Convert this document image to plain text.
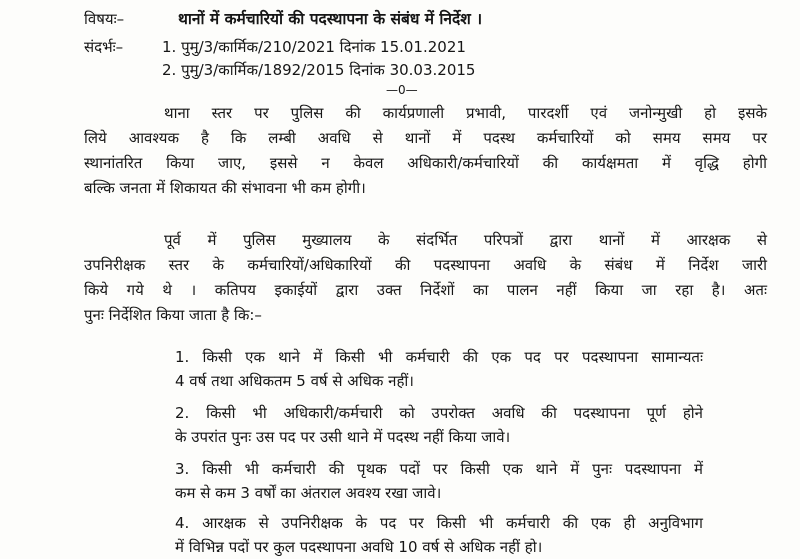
विषयः–	थानों में कर्मचारियों की पदस्थापना के संबंध में निर्देश ।
संदर्भः–	1. पुमु/3/कार्मिक/210/2021 दिनांक 15.01.2021
2. पुमु/3/कार्मिक/1892/2015 दिनांक 30.03.2015
—0—
थाना स्तर पर पुलिस की कार्यप्रणाली प्रभावी, पारदर्शी एवं जनोन्मुखी हो इसके
लिये आवश्यक है कि लम्बी अवधि से थानों में पदस्थ कर्मचारियों को समय समय पर
स्थानांतरित किया जाए, इससे न केवल अधिकारी/कर्मचारियों की कार्यक्षमता में वृद्धि होगी
बल्कि जनता में शिकायत की संभावना भी कम होगी।
पूर्व में पुलिस मुख्यालय के संदर्भित परिपत्रों द्वारा थानों में आरक्षक से
उपनिरीक्षक स्तर के कर्मचारियों/अधिकारियों की पदस्थापना अवधि के संबंध में निर्देश जारी
किये गये थे । कतिपय इकाईयों द्वारा उक्त निर्देशों का पालन नहीं किया जा रहा है। अतः
पुनः निर्देशित किया जाता है कि:–
1. किसी एक थाने में किसी भी कर्मचारी की एक पद पर पदस्थापना सामान्यतः
4 वर्ष तथा अधिकतम 5 वर्ष से अधिक नहीं।
2. किसी भी अधिकारी/कर्मचारी को उपरोक्त अवधि की पदस्थापना पूर्ण होने
के उपरांत पुनः उस पद पर उसी थाने में पदस्थ नहीं किया जावे।
3. किसी भी कर्मचारी की पृथक पदों पर किसी एक थाने में पुनः पदस्थापना में
कम से कम 3 वर्षों का अंतराल अवश्य रखा जावे।
4. आरक्षक से उपनिरीक्षक के पद पर किसी भी कर्मचारी की एक ही अनुविभाग
में विभिन्न पदों पर कुल पदस्थापना अवधि 10 वर्ष से अधिक नहीं हो।
